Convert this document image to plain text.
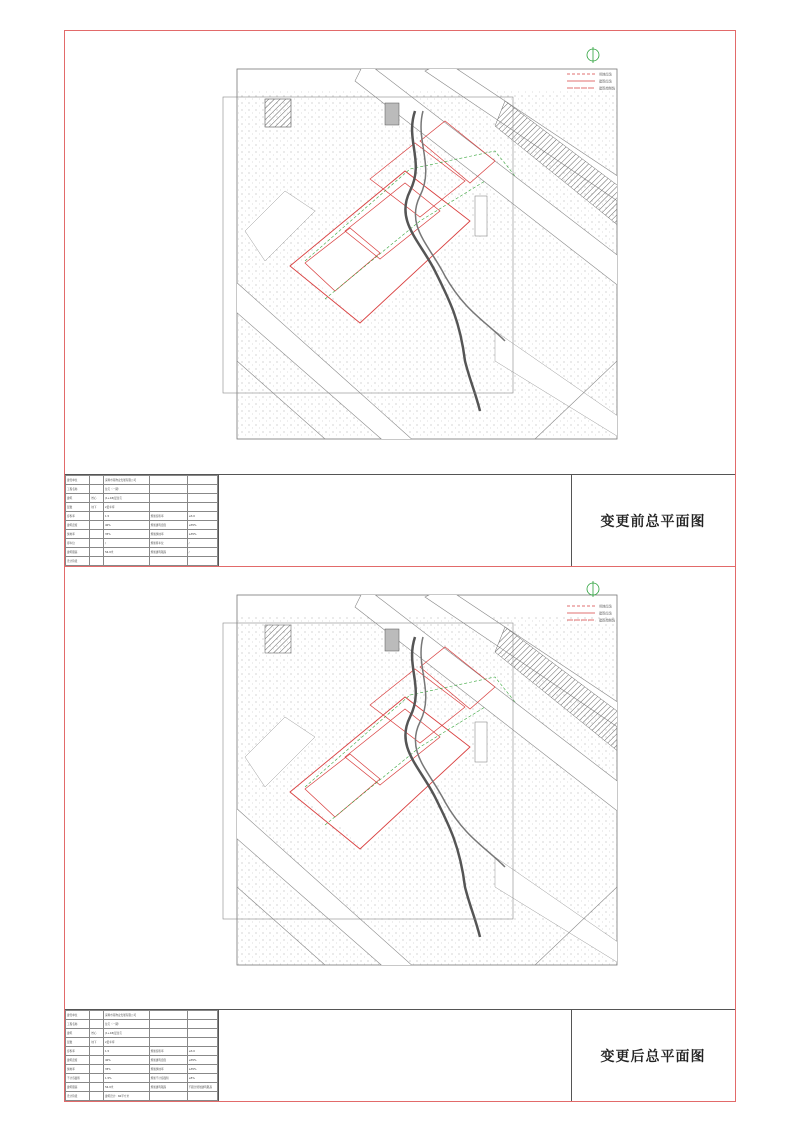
用地红线
建筑红线
建筑控制线
建设单位		深圳市某物业发展有限公司		
工程名称		住宅（一期）		
建筑	核心	(1+18)层住宅		
层数	地下	2层车库		
容积率		1.5	规划容积率	≤3.0
建筑密度		40%	规划建筑密度	≤35%
绿地率		35%	规划绿地率	≥35%
停车位		/	规划停车位	/
建筑限高		56.9米	规划建筑限高	/
设计阶段				
变更前总平面图
用地红线
建筑红线
建筑控制线
建设单位		深圳市某物业发展有限公司		
工程名称		住宅（一期）		
建筑	核心	(1+18)层住宅		
层数	地下	2层车库		
容积率		1.5	规划容积率	≤3.0
建筑密度		40%	规划建筑密度	≤35%
绿地率		35%	规划绿地率	≥35%
不计容面积		1.5%	规划不计容面积	≤5%
建筑限高		56.9米	规划建筑限高	不超过规划建筑限高
设计阶段		建筑设计：60平方米		
变更后总平面图
